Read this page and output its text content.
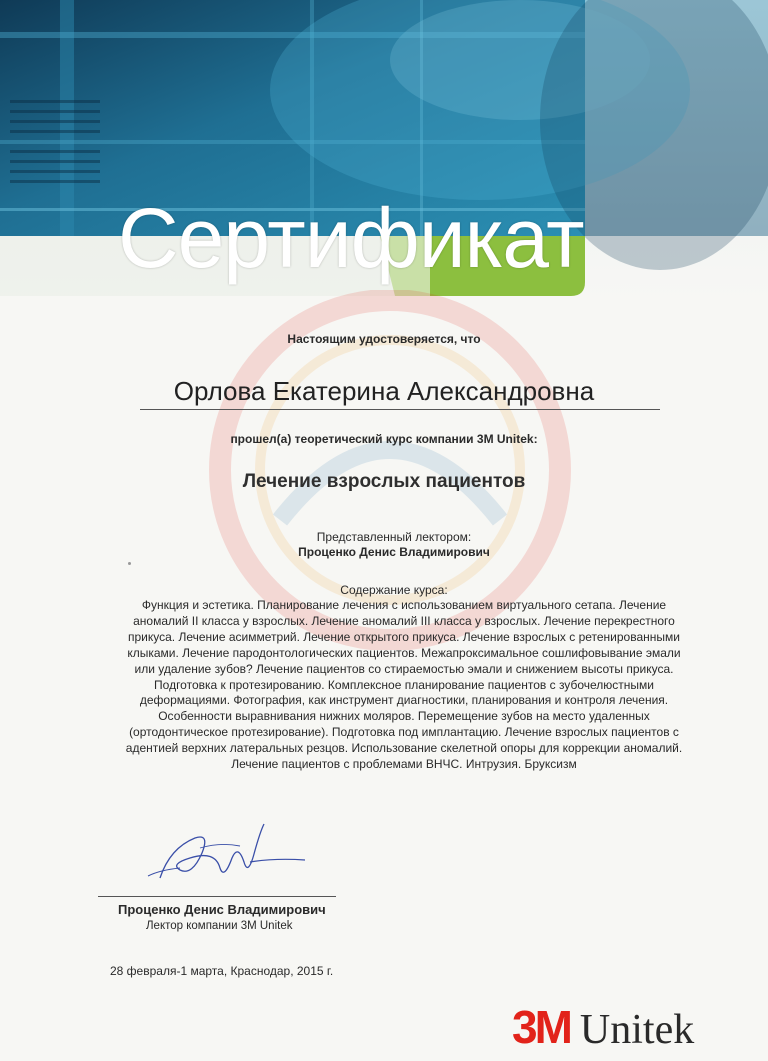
Сертификат
Настоящим удостоверяется, что
Орлова Екатерина Александровна
прошел(а) теоретический курс компании 3M Unitek:
Лечение взрослых пациентов
Представленный лектором:
Проценко Денис Владимирович
Содержание курса:
Функция и эстетика. Планирование лечения с использованием виртуального сетапа. Лечение
аномалий II класса у взрослых. Лечение аномалий III класса у взрослых. Лечение перекрестного
прикуса. Лечение асимметрий. Лечение открытого прикуса. Лечение взрослых с ретенированными
клыками. Лечение пародонтологических пациентов. Межапроксимальное сошлифовывание эмали
или удаление зубов? Лечение пациентов со стираемостью эмали и снижением высоты прикуса.
Подготовка к протезированию. Комплексное планирование пациентов с зубочелюстными
деформациями. Фотография, как инструмент диагностики, планирования и контроля лечения.
Особенности выравнивания нижних моляров. Перемещение зубов на место удаленных
(ортодонтическое протезирование). Подготовка под имплантацию. Лечение взрослых пациентов с
адентией верхних латеральных резцов. Использование скелетной опоры для коррекции аномалий.
Лечение пациентов с проблемами ВНЧС. Интрузия. Бруксизм
Проценко Денис Владимирович
Лектор компании 3M Unitek
28 февраля-1 марта, Краснодар, 2015 г.
3M Unitek
